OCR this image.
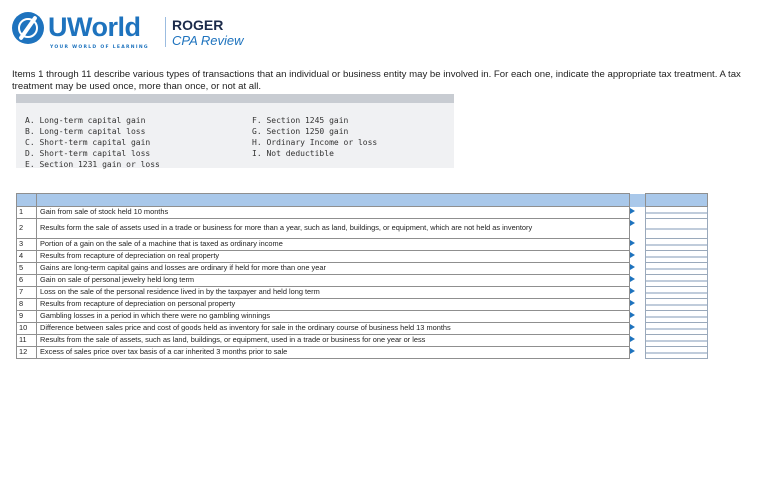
UWorld
YOUR WORLD OF LEARNING
ROGER
CPA Review
Items 1 through 11 describe various types of transactions that an individual or business entity may be involved in. For each one, indicate the appropriate tax treatment. A tax treatment may be used once, more than once, or not at all.
A. Long-term capital gain
B. Long-term capital loss
C. Short-term capital gain
D. Short-term capital loss
E. Section 1231 gain or loss
F. Section 1245 gain
G. Section 1250 gain
H. Ordinary Income or loss
I. Not deductible

1	Gain from sale of stock held 10 months	

2	Results form the sale of assets used in a trade or business for more than a year, such as land, buildings, or equipment, which are not held as inventory	

3	Portion of a gain on the sale of a machine that is taxed as ordinary income	

4	Results from recapture of depreciation on real property	

5	Gains are long-term capital gains and losses are ordinary if held for more than one year	

6	Gain on sale of personal jewelry held long term	

7	Loss on the sale of the personal residence lived in by the taxpayer and held long term	

8	Results from recapture of depreciation on personal property	

9	Gambling losses in a period in which there were no gambling winnings	

10	Difference between sales price and cost of goods held as inventory for sale in the ordinary course of business held 13 months	

11	Results from the sale of assets, such as land, buildings, or equipment, used in a trade or business for one year or less	

12	Excess of sales price over tax basis of a car inherited 3 months prior to sale	
